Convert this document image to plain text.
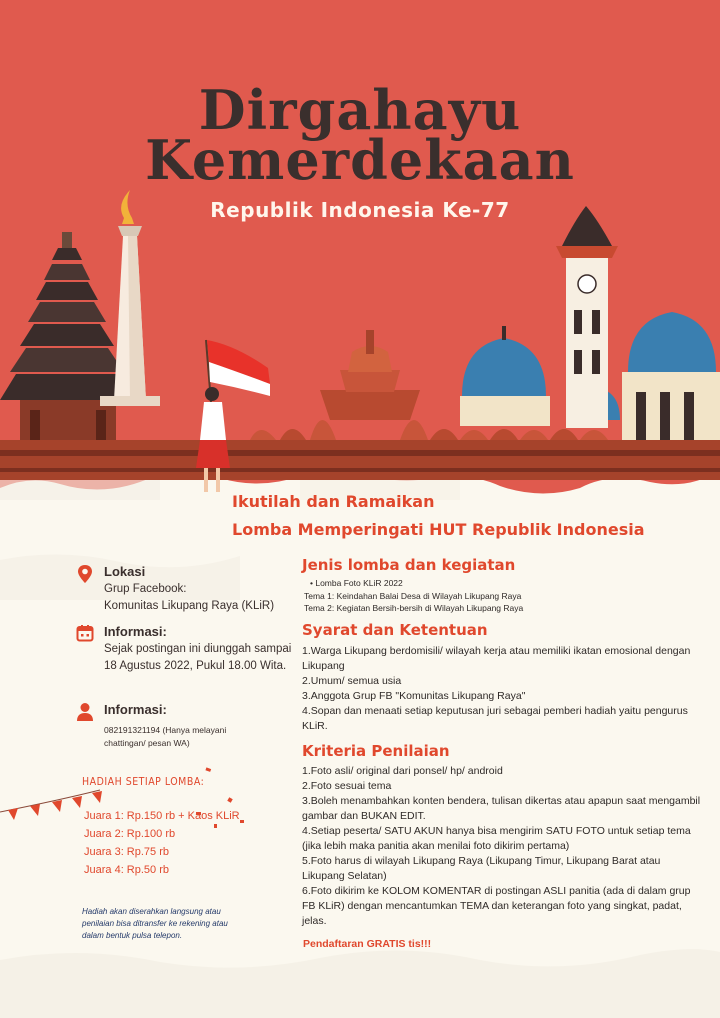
Dirgahayu
Kemerdekaan
Republik Indonesia Ke-77
Ikutilah dan Ramaikan
Lomba Memperingati HUT Republik Indonesia
Lokasi
Grup Facebook:
Komunitas Likupang Raya (KLiR)
Informasi:
Sejak postingan ini diunggah sampai 18 Agustus 2022, Pukul 18.00 Wita.
Informasi:
082191321194 (Hanya melayani chattingan/ pesan WA)
HADIAH SETIAP LOMBA:
Juara 1: Rp.150 rb + Kaos KLiR
Juara 2: Rp.100 rb
Juara 3: Rp.75 rb
Juara 4: Rp.50 rb
Hadiah akan diserahkan langsung atau penilaian bisa ditransfer ke rekening atau dalam bentuk pulsa telepon.
Jenis lomba dan kegiatan
• Lomba Foto KLiR 2022
Tema 1: Keindahan Balai Desa di Wilayah Likupang Raya
Tema 2: Kegiatan Bersih-bersih di Wilayah Likupang Raya
Syarat dan Ketentuan
1.Warga Likupang berdomisili/ wilayah kerja atau memiliki ikatan emosional dengan Likupang
2.Umum/ semua usia
3.Anggota Grup FB "Komunitas Likupang Raya"
4.Sopan dan menaati setiap keputusan juri sebagai pemberi hadiah yaitu pengurus KLiR.
Kriteria Penilaian
1.Foto asli/ original dari ponsel/ hp/ android
2.Foto sesuai tema
3.Boleh menambahkan konten bendera, tulisan dikertas atau apapun saat mengambil gambar dan BUKAN EDIT.
4.Setiap peserta/ SATU AKUN hanya bisa mengirim SATU FOTO untuk setiap tema (jika lebih maka panitia akan menilai foto dikirim pertama)
5.Foto harus di wilayah Likupang Raya (Likupang Timur, Likupang Barat atau Likupang Selatan)
6.Foto dikirim ke KOLOM KOMENTAR di postingan ASLI panitia (ada di dalam grup FB KLiR) dengan mencantumkan TEMA dan keterangan foto yang singkat, padat, jelas.
Pendaftaran GRATIS tis!!!
